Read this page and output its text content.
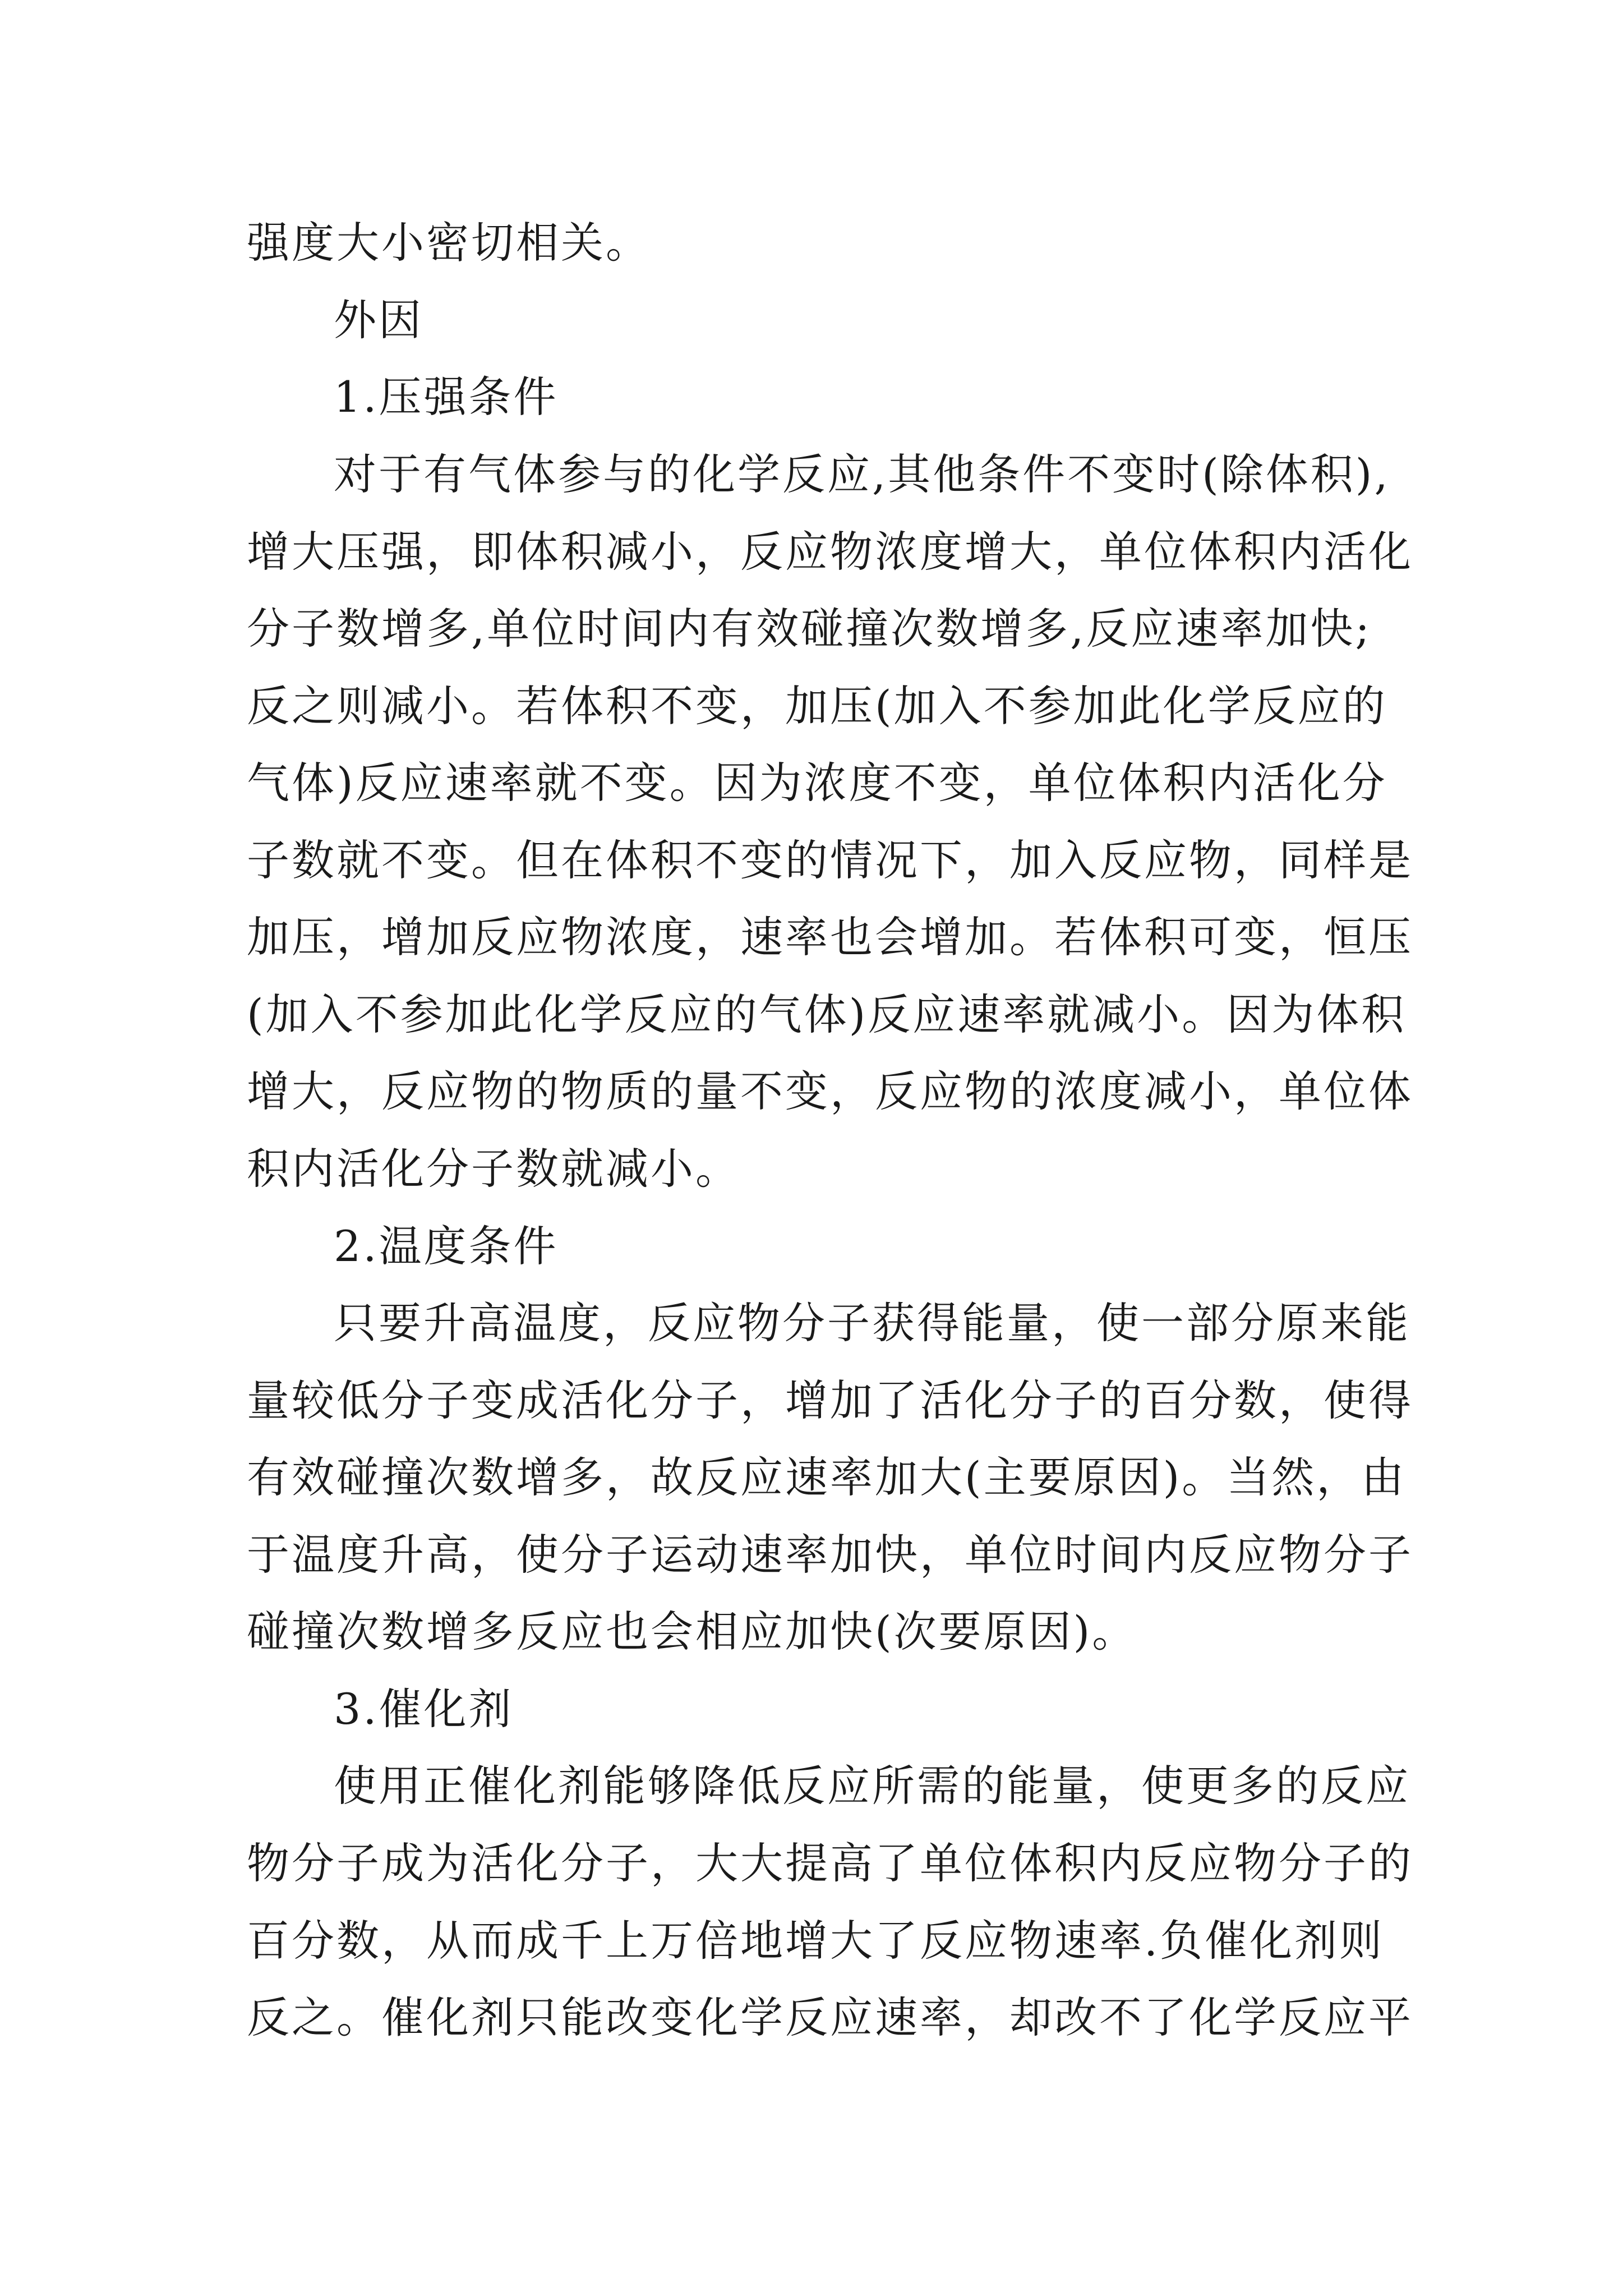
强度大小密切相关。

外因

1.压强条件

对于有气体参与的化学反应,其他条件不变时(除体积),

增大压强，即体积减小，反应物浓度增大，单位体积内活化

分子数增多,单位时间内有效碰撞次数增多,反应速率加快;

反之则减小。若体积不变，加压(加入不参加此化学反应的

气体)反应速率就不变。因为浓度不变，单位体积内活化分

子数就不变。但在体积不变的情况下，加入反应物，同样是

加压，增加反应物浓度，速率也会增加。若体积可变，恒压

(加入不参加此化学反应的气体)反应速率就减小。因为体积

增大，反应物的物质的量不变，反应物的浓度减小，单位体

积内活化分子数就减小。

2.温度条件

只要升高温度，反应物分子获得能量，使一部分原来能

量较低分子变成活化分子，增加了活化分子的百分数，使得

有效碰撞次数增多，故反应速率加大(主要原因)。当然，由

于温度升高，使分子运动速率加快，单位时间内反应物分子

碰撞次数增多反应也会相应加快(次要原因)。

3.催化剂

使用正催化剂能够降低反应所需的能量，使更多的反应

物分子成为活化分子，大大提高了单位体积内反应物分子的

百分数，从而成千上万倍地增大了反应物速率.负催化剂则

反之。催化剂只能改变化学反应速率，却改不了化学反应平
